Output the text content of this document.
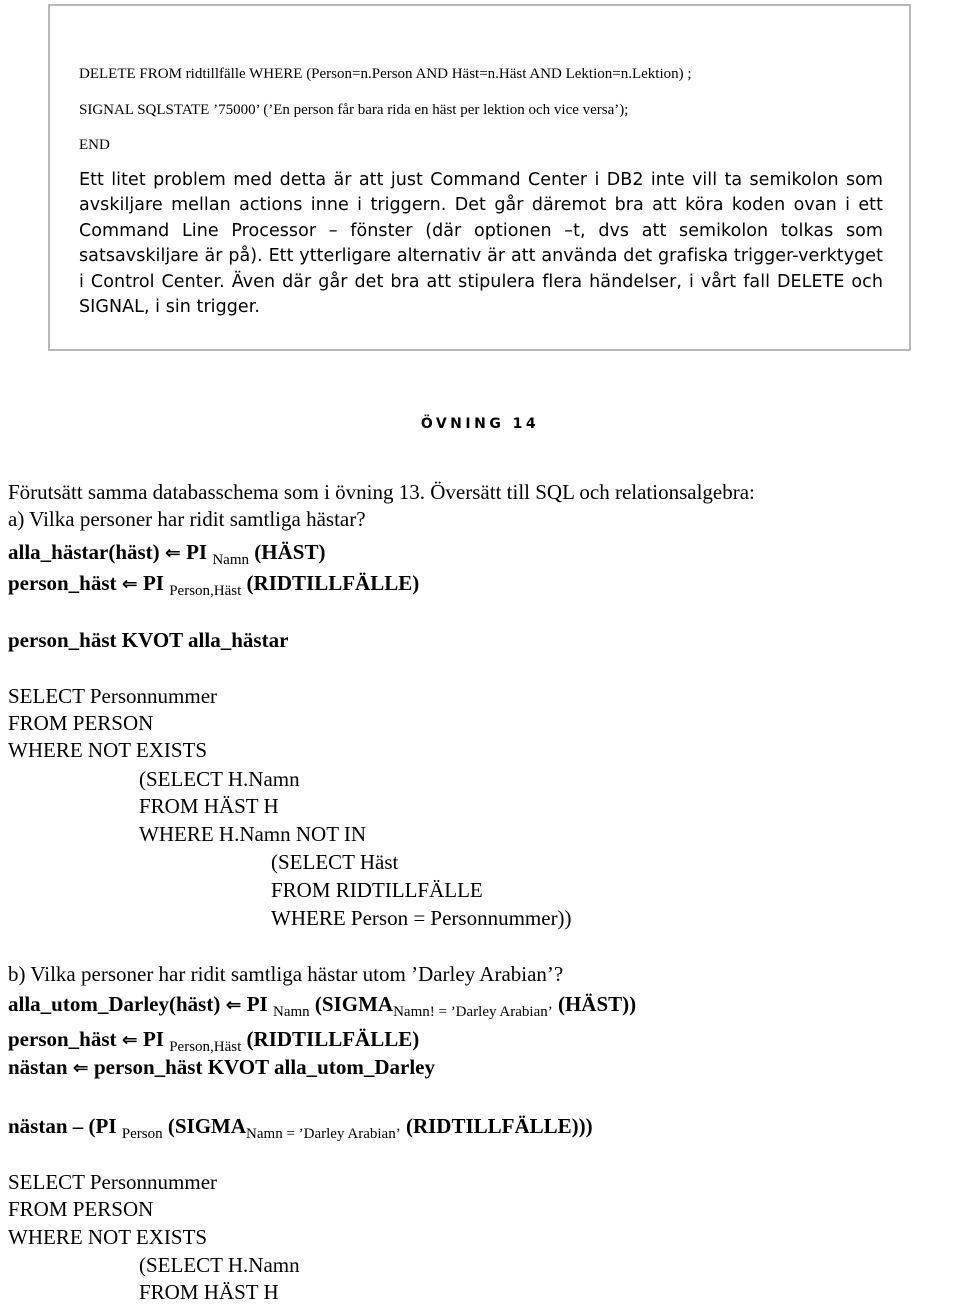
DELETE FROM ridtillfälle WHERE (Person=n.Person AND Häst=n.Häst AND Lektion=n.Lektion) ;
SIGNAL SQLSTATE ’75000’ (’En person får bara rida en häst per lektion och vice versa’);
END
Ett litet problem med detta är att just Command Center i DB2 inte vill ta semikolon som avskiljare mellan actions inne i triggern. Det går däremot bra att köra koden ovan i ett Command Line Processor – fönster (där optionen –t, dvs att semikolon tolkas som satsavskiljare är på). Ett ytterligare alternativ är att använda det grafiska trigger-verktyget i Control Center. Även där går det bra att stipulera flera händelser, i vårt fall DELETE och SIGNAL, i sin trigger.
ÖVNING 14
Förutsätt samma databasschema som i övning 13. Översätt till SQL och relationsalgebra:
a) Vilka personer har ridit samtliga hästar?
alla_hästar(häst) ⇐ PI $_{Namn}$ (HÄST)
person_häst ⇐ PI $_{Person,Häst}$ (RIDTILLFÄLLE)
person_häst KVOT alla_hästar
SELECT Personnummer
FROM PERSON
WHERE NOT EXISTS
(SELECT H.Namn
FROM HÄST H
WHERE H.Namn NOT IN
(SELECT Häst
FROM RIDTILLFÄLLE
WHERE Person = Personnummer))
b) Vilka personer har ridit samtliga hästar utom ’Darley Arabian’?
alla_utom_Darley(häst) ⇐ PI $_{Namn}$ ($SIGMA_{Namn! = ’Darley Arabian’}$ (HÄST))
person_häst ⇐ PI $_{Person,Häst}$ (RIDTILLFÄLLE)
nästan ⇐ person_häst KVOT alla_utom_Darley
nästan – (PI $_{Person}$ ($SIGMA_{Namn = ’Darley Arabian’}$ (RIDTILLFÄLLE)))
SELECT Personnummer
FROM PERSON
WHERE NOT EXISTS
(SELECT H.Namn
FROM HÄST H
